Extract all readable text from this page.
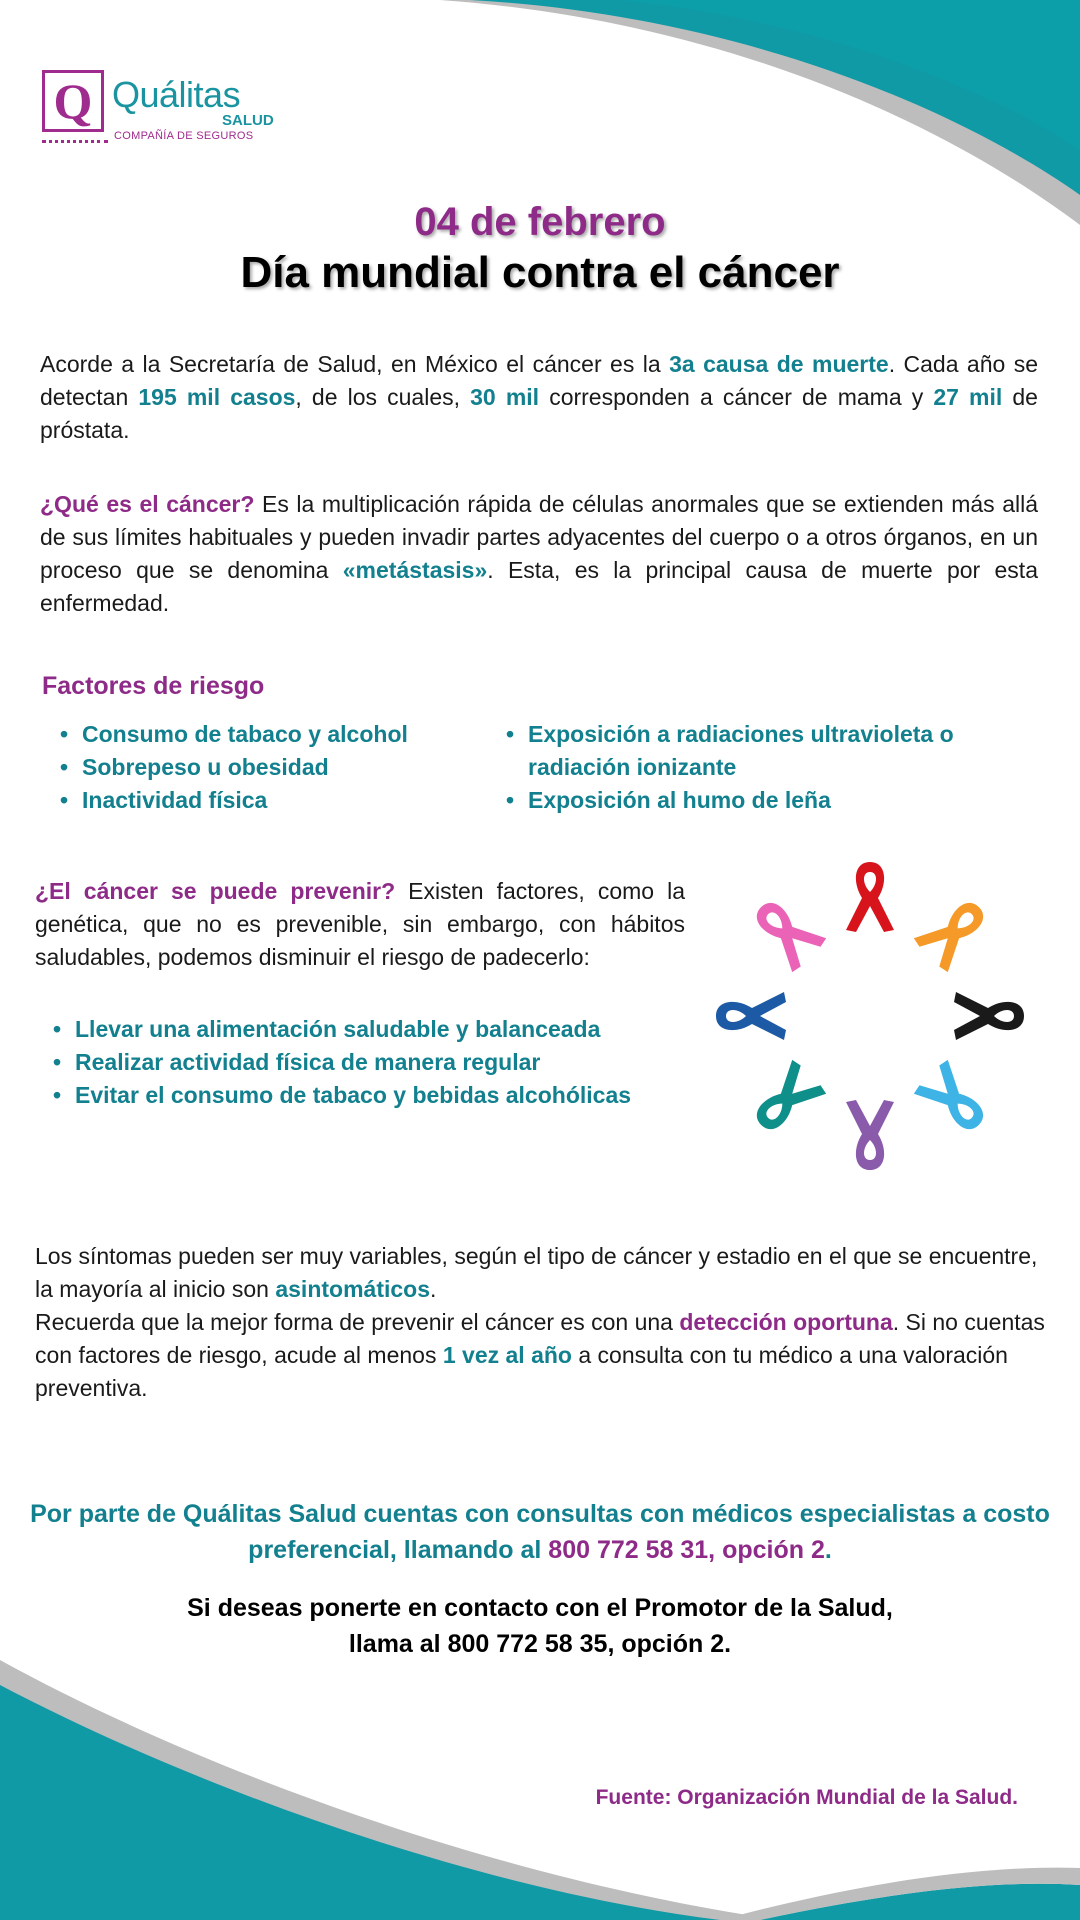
Q Quálitas
SALUD
COMPAÑÍA DE SEGUROS
04 de febrero
Día mundial contra el cáncer
Acorde a la Secretaría de Salud, en México el cáncer es la 3a causa de muerte. Cada año se detectan 195 mil casos, de los cuales, 30 mil corresponden a cáncer de mama y 27 mil de próstata.
¿Qué es el cáncer? Es la multiplicación rápida de células anormales que se extienden más allá de sus límites habituales y pueden invadir partes adyacentes del cuerpo o a otros órganos, en un proceso que se denomina «metástasis». Esta, es la principal causa de muerte por esta enfermedad.
Factores de riesgo
• Consumo de tabaco y alcohol
• Sobrepeso u obesidad
• Inactividad física
• Exposición a radiaciones ultravioleta o radiación ionizante
• Exposición al humo de leña
¿El cáncer se puede prevenir? Existen factores, como la genética, que no es prevenible, sin embargo, con hábitos saludables, podemos disminuir el riesgo de padecerlo:
• Llevar una alimentación saludable y balanceada
• Realizar actividad física de manera regular
• Evitar el consumo de tabaco y bebidas alcohólicas
Los síntomas pueden ser muy variables, según el tipo de cáncer y estadio en el que se encuentre, la mayoría al inicio son asintomáticos.
Recuerda que la mejor forma de prevenir el cáncer es con una detección oportuna. Si no cuentas con factores de riesgo, acude al menos 1 vez al año a consulta con tu médico a una valoración preventiva.
Por parte de Quálitas Salud cuentas con consultas con médicos especialistas a costo preferencial, llamando al 800 772 58 31, opción 2.
Si deseas ponerte en contacto con el Promotor de la Salud,
llama al 800 772 58 35, opción 2.
Fuente: Organización Mundial de la Salud.
